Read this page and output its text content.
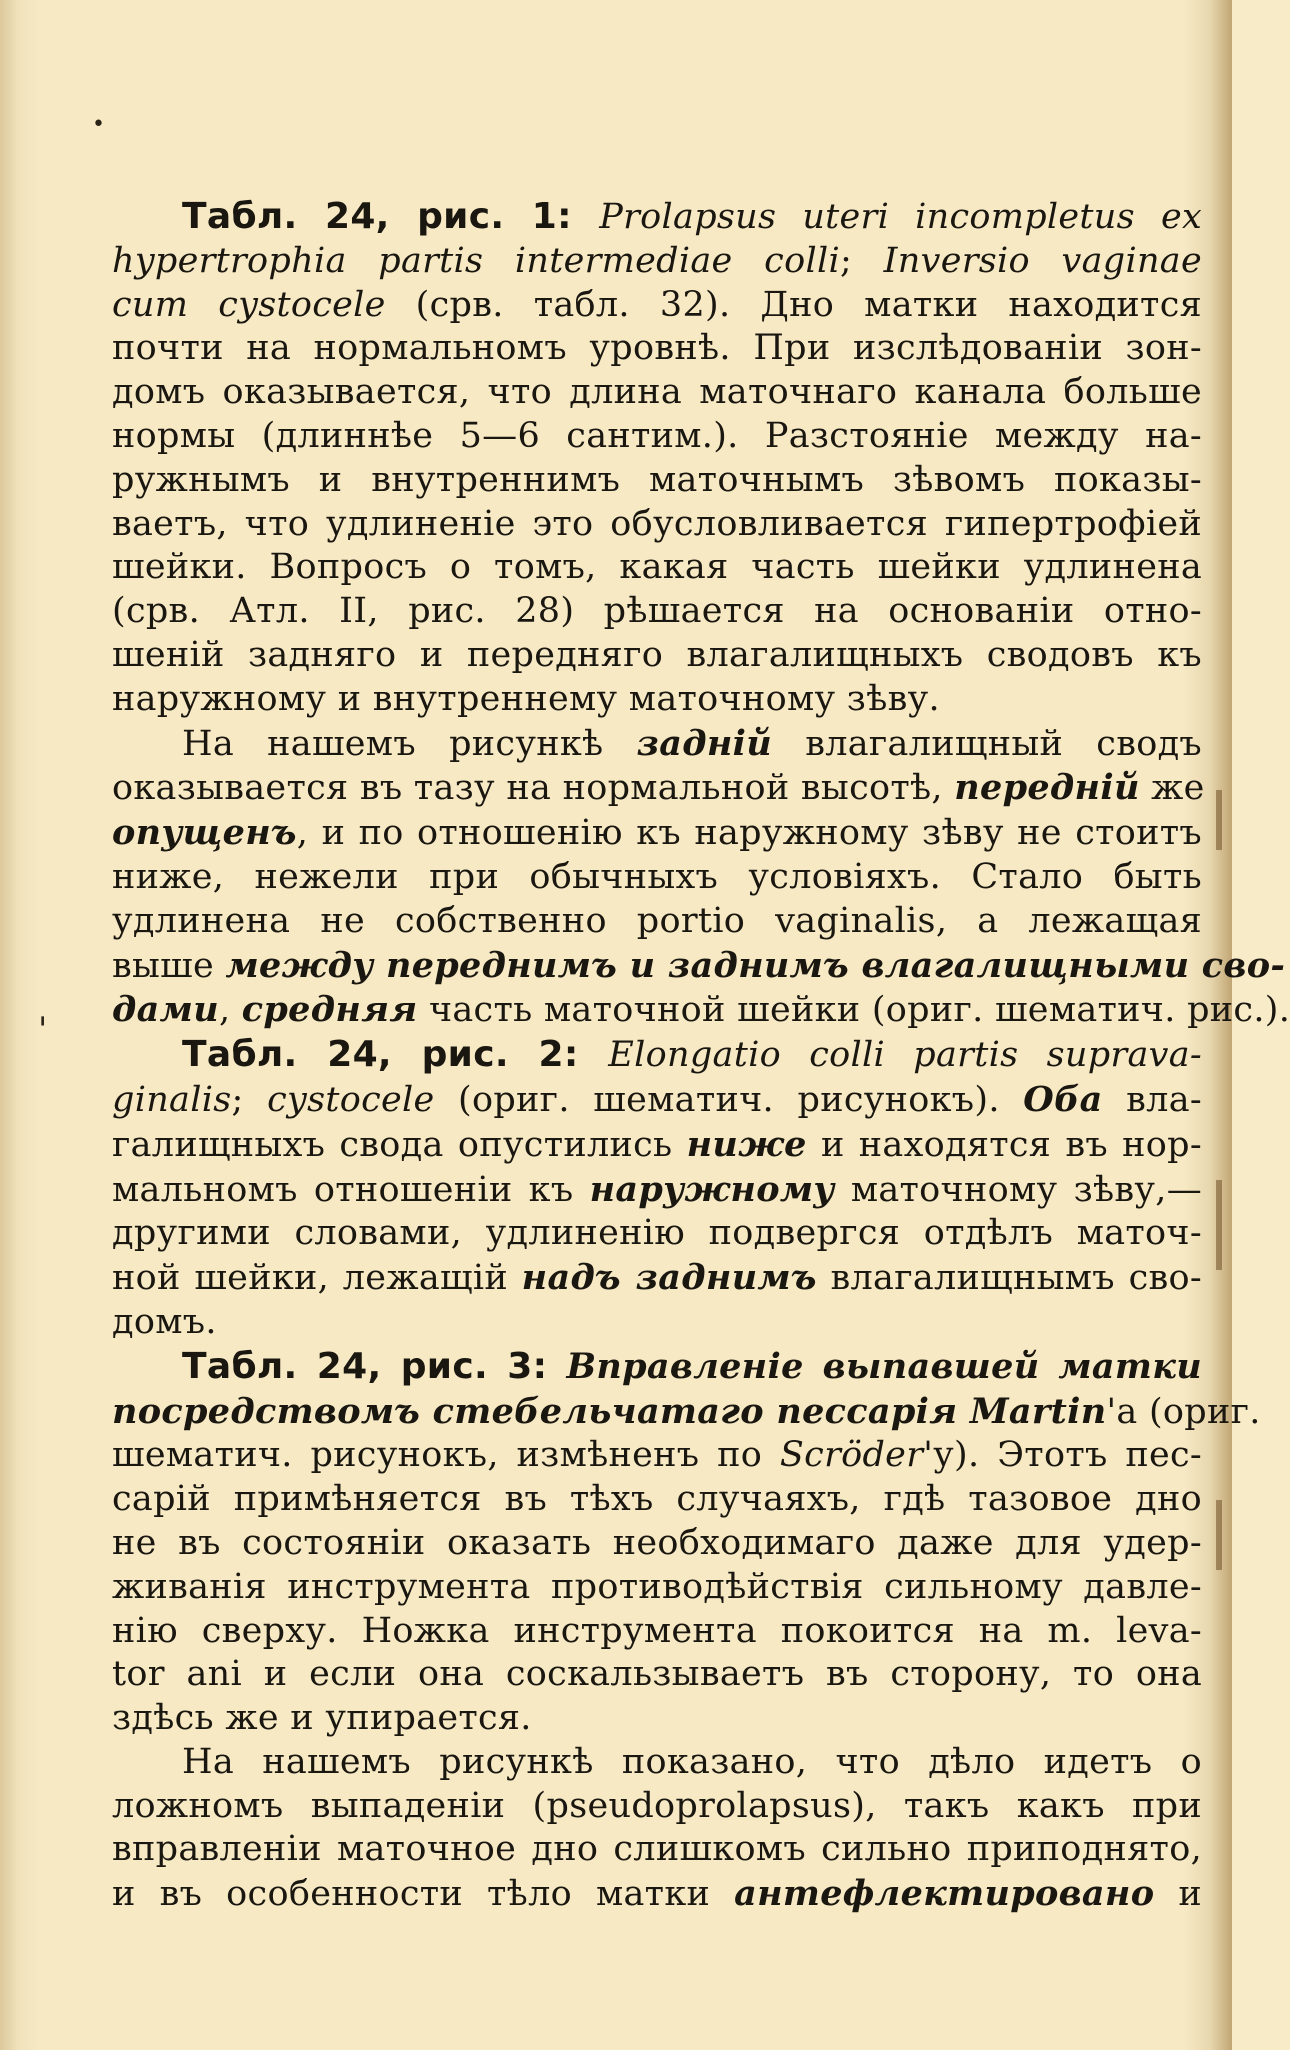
•
'
Табл. 24, рис. 1: Prolapsus uteri incompletus ex
hypertrophia partis intermediae colli; Inversio vaginae
cum cystocele (срв. табл. 32). Дно матки находится
почти на нормальномъ уровнѣ. При изслѣдованіи зон-
домъ оказывается, что длина маточнаго канала больше
нормы (длиннѣе 5—6 сантим.). Разстояніе между на-
ружнымъ и внутреннимъ маточнымъ зѣвомъ показы-
ваетъ, что удлиненіе это обусловливается гипертрофіей
шейки. Вопросъ о томъ, какая часть шейки удлинена
(срв. Атл. II, рис. 28) рѣшается на основаніи отно-
шеній задняго и передняго влагалищныхъ сводовъ къ
наружному и внутреннему маточному зѣву.
На нашемъ рисункѣ задній влагалищный сводъ
оказывается въ тазу на нормальной высотѣ, передній же
опущенъ, и по отношенію къ наружному зѣву не стоитъ
ниже, нежели при обычныхъ условіяхъ. Стало быть
удлинена не собственно portio vaginalis, а лежащая
выше между переднимъ и заднимъ влагалищными сво-
дами, средняя часть маточной шейки (ориг. шематич. рис.).
Табл. 24, рис. 2: Elongatio colli partis supravа-
ginalis; cystocele (ориг. шематич. рисунокъ). Оба вла-
галищныхъ свода опустились ниже и находятся въ нор-
мальномъ отношеніи къ наружному маточному зѣву,—
другими словами, удлиненію подвергся отдѣлъ маточ-
ной шейки, лежащій надъ заднимъ влагалищнымъ сво-
домъ.
Табл. 24, рис. 3: Вправленіе выпавшей матки
посредствомъ стебельчатаго пессарія Martin'а (ориг.
шематич. рисунокъ, измѣненъ по Scröder'у). Этотъ пес-
сарій примѣняется въ тѣхъ случаяхъ, гдѣ тазовое дно
не въ состояніи оказать необходимаго даже для удер-
живанія инструмента противодѣйствія сильному давле-
нію сверху. Ножка инструмента покоится на m. leva-
tor ani и если она соскальзываетъ въ сторону, то она
здѣсь же и упирается.
На нашемъ рисункѣ показано, что дѣло идетъ о
ложномъ выпаденіи (pseudoprolapsus), такъ какъ при
вправленіи маточное дно слишкомъ сильно приподнято,
и въ особенности тѣло матки антефлектировано и
